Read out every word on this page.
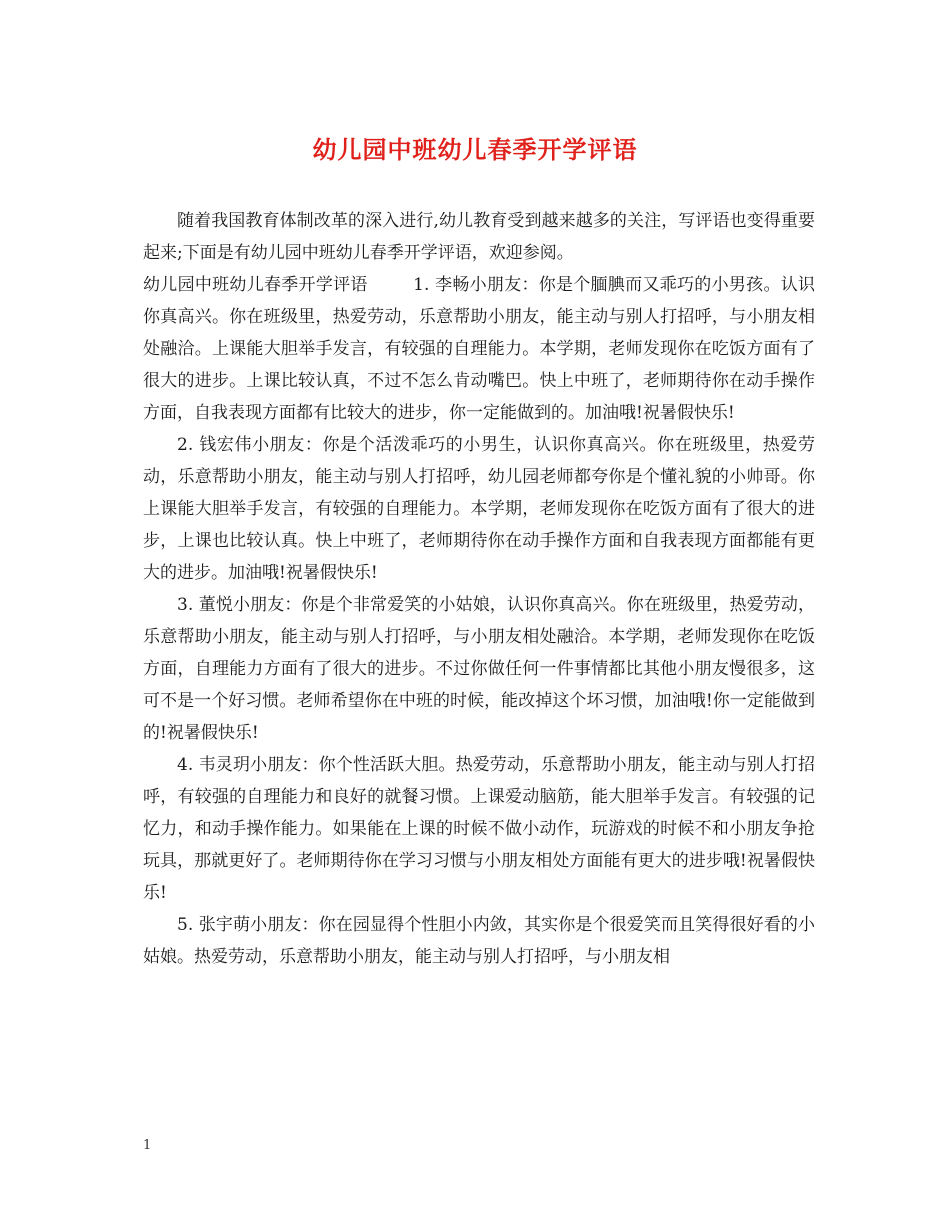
幼儿园中班幼儿春季开学评语

随着我国教育体制改革的深入进行,幼儿教育受到越来越多的关注，写评语也变得重要起来;下面是有幼儿园中班幼儿春季开学评语，欢迎参阅。

幼儿园中班幼儿春季开学评语	1. 李畅小朋友：你是个腼腆而又乖巧的小男孩。认识你真高兴。你在班级里，热爱劳动，乐意帮助小朋友，能主动与别人打招呼，与小朋友相处融洽。上课能大胆举手发言，有较强的自理能力。本学期，老师发现你在吃饭方面有了很大的进步。上课比较认真，不过不怎么肯动嘴巴。快上中班了，老师期待你在动手操作方面，自我表现方面都有比较大的进步，你一定能做到的。加油哦!祝暑假快乐!

2. 钱宏伟小朋友：你是个活泼乖巧的小男生，认识你真高兴。你在班级里，热爱劳动，乐意帮助小朋友，能主动与别人打招呼，幼儿园老师都夸你是个懂礼貌的小帅哥。你上课能大胆举手发言，有较强的自理能力。本学期，老师发现你在吃饭方面有了很大的进步，上课也比较认真。快上中班了，老师期待你在动手操作方面和自我表现方面都能有更大的进步。加油哦!祝暑假快乐!

3. 董悦小朋友：你是个非常爱笑的小姑娘，认识你真高兴。你在班级里，热爱劳动，乐意帮助小朋友，能主动与别人打招呼，与小朋友相处融洽。本学期，老师发现你在吃饭方面，自理能力方面有了很大的进步。不过你做任何一件事情都比其他小朋友慢很多，这可不是一个好习惯。老师希望你在中班的时候，能改掉这个坏习惯，加油哦!你一定能做到的!祝暑假快乐!

4. 韦灵玥小朋友：你个性活跃大胆。热爱劳动，乐意帮助小朋友，能主动与别人打招呼，有较强的自理能力和良好的就餐习惯。上课爱动脑筋，能大胆举手发言。有较强的记忆力，和动手操作能力。如果能在上课的时候不做小动作，玩游戏的时候不和小朋友争抢玩具，那就更好了。老师期待你在学习习惯与小朋友相处方面能有更大的进步哦!祝暑假快乐!

5. 张宇萌小朋友：你在园显得个性胆小内敛，其实你是个很爱笑而且笑得很好看的小姑娘。热爱劳动，乐意帮助小朋友，能主动与别人打招呼，与小朋友相

1
